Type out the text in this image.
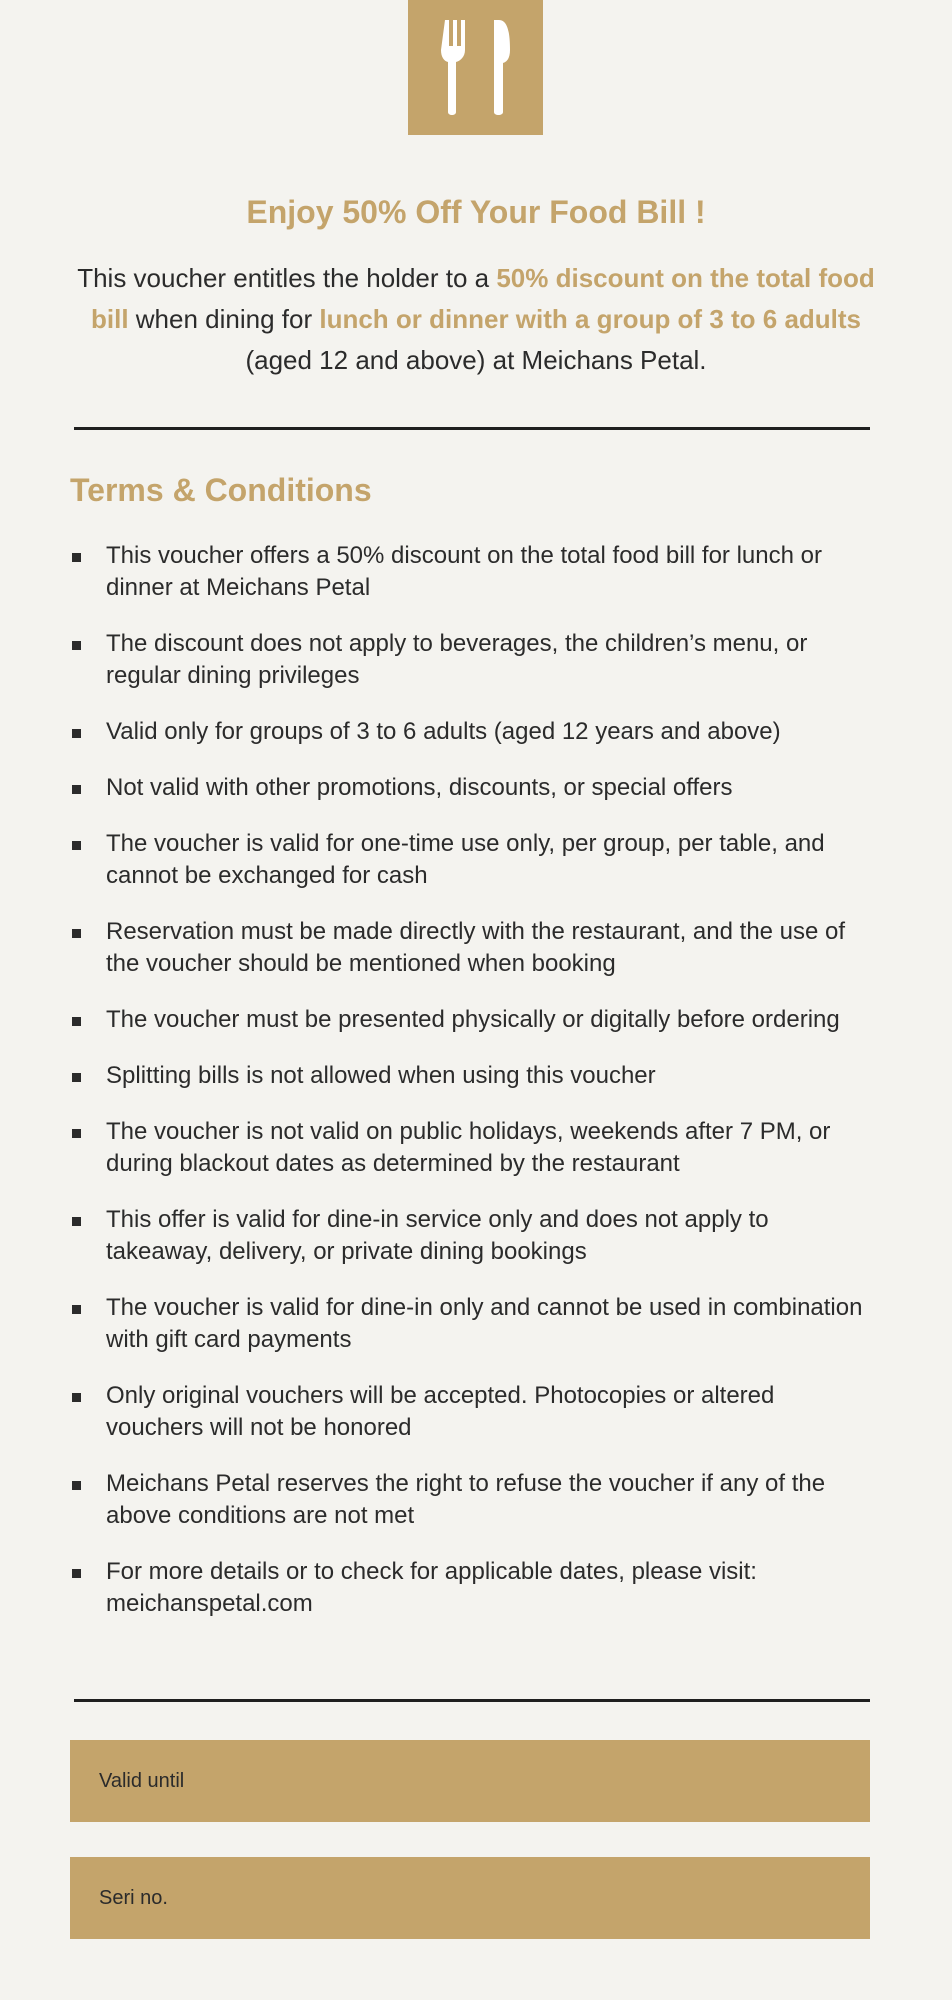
Enjoy 50% Off Your Food Bill !

This voucher entitles the holder to a 50% discount on the total food bill when dining for lunch or dinner with a group of 3 to 6 adults (aged 12 and above) at Meichans Petal.

Terms & Conditions
This voucher offers a 50% discount on the total food bill for lunch or dinner at Meichans Petal
The discount does not apply to beverages, the children’s menu, or regular dining privileges
Valid only for groups of 3 to 6 adults (aged 12 years and above)
Not valid with other promotions, discounts, or special offers
The voucher is valid for one-time use only, per group, per table, and cannot be exchanged for cash
Reservation must be made directly with the restaurant, and the use of the voucher should be mentioned when booking
The voucher must be presented physically or digitally before ordering
Splitting bills is not allowed when using this voucher
The voucher is not valid on public holidays, weekends after 7 PM, or during blackout dates as determined by the restaurant
This offer is valid for dine-in service only and does not apply to takeaway, delivery, or private dining bookings
The voucher is valid for dine-in only and cannot be used in combination with gift card payments
Only original vouchers will be accepted. Photocopies or altered vouchers will not be honored
Meichans Petal reserves the right to refuse the voucher if any of the above conditions are not met
For more details or to check for applicable dates, please visit: meichanspetal.com
Valid until
Seri no.
